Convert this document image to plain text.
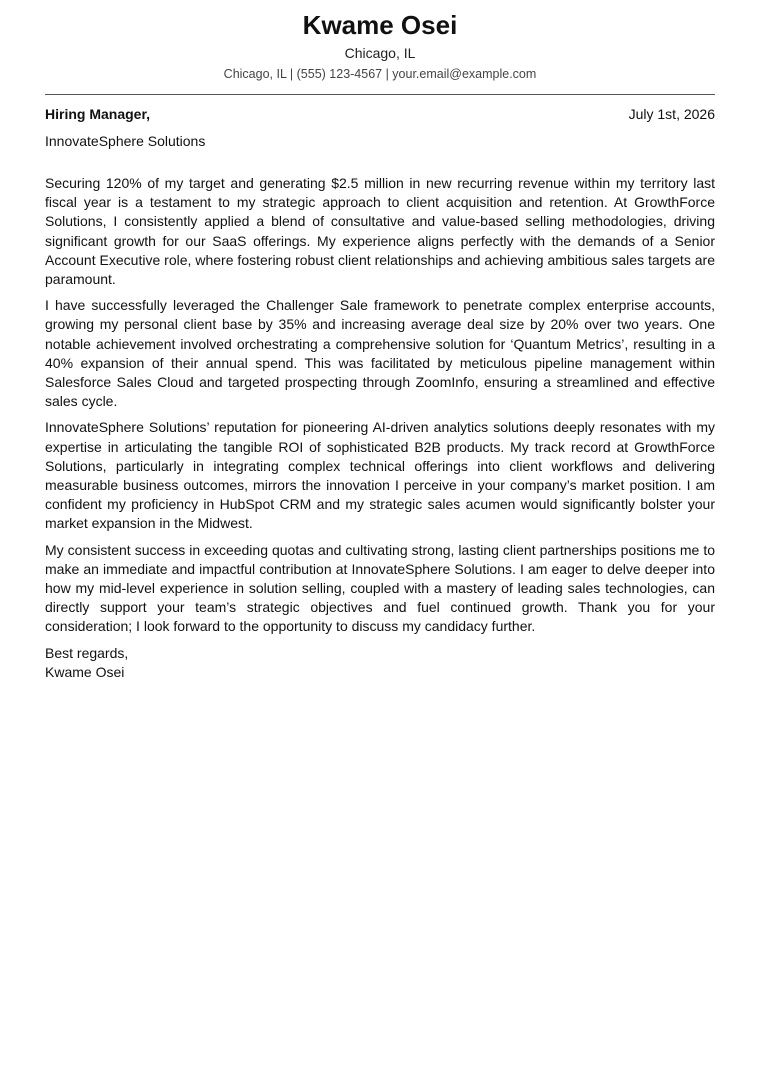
Kwame Osei
Chicago, IL
Chicago, IL | (555) 123-4567 | your.email@example.com
Hiring Manager,	July 1st, 2026
InnovateSphere Solutions

Securing 120% of my target and generating $2.5 million in new recurring revenue within my territory last fiscal year is a testament to my strategic approach to client acquisition and retention. At GrowthForce Solutions, I consistently applied a blend of consultative and value-based selling methodologies, driving significant growth for our SaaS offerings. My experience aligns perfectly with the demands of a Senior Account Executive role, where fostering robust client relationships and achieving ambitious sales targets are paramount.

I have successfully leveraged the Challenger Sale framework to penetrate complex enterprise accounts, growing my personal client base by 35% and increasing average deal size by 20% over two years. One notable achievement involved orchestrating a comprehensive solution for ‘Quantum Metrics’, resulting in a 40% expansion of their annual spend. This was facilitated by meticulous pipeline management within Salesforce Sales Cloud and targeted prospecting through ZoomInfo, ensuring a streamlined and effective sales cycle.

InnovateSphere Solutions’ reputation for pioneering AI-driven analytics solutions deeply resonates with my expertise in articulating the tangible ROI of sophisticated B2B products. My track record at GrowthForce Solutions, particularly in integrating complex technical offerings into client workflows and delivering measurable business outcomes, mirrors the innovation I perceive in your company’s market position. I am confident my proficiency in HubSpot CRM and my strategic sales acumen would significantly bolster your market expansion in the Midwest.

My consistent success in exceeding quotas and cultivating strong, lasting client partnerships positions me to make an immediate and impactful contribution at InnovateSphere Solutions. I am eager to delve deeper into how my mid-level experience in solution selling, coupled with a mastery of leading sales technologies, can directly support your team’s strategic objectives and fuel continued growth. Thank you for your consideration; I look forward to the opportunity to discuss my candidacy further.

Best regards,
Kwame Osei
